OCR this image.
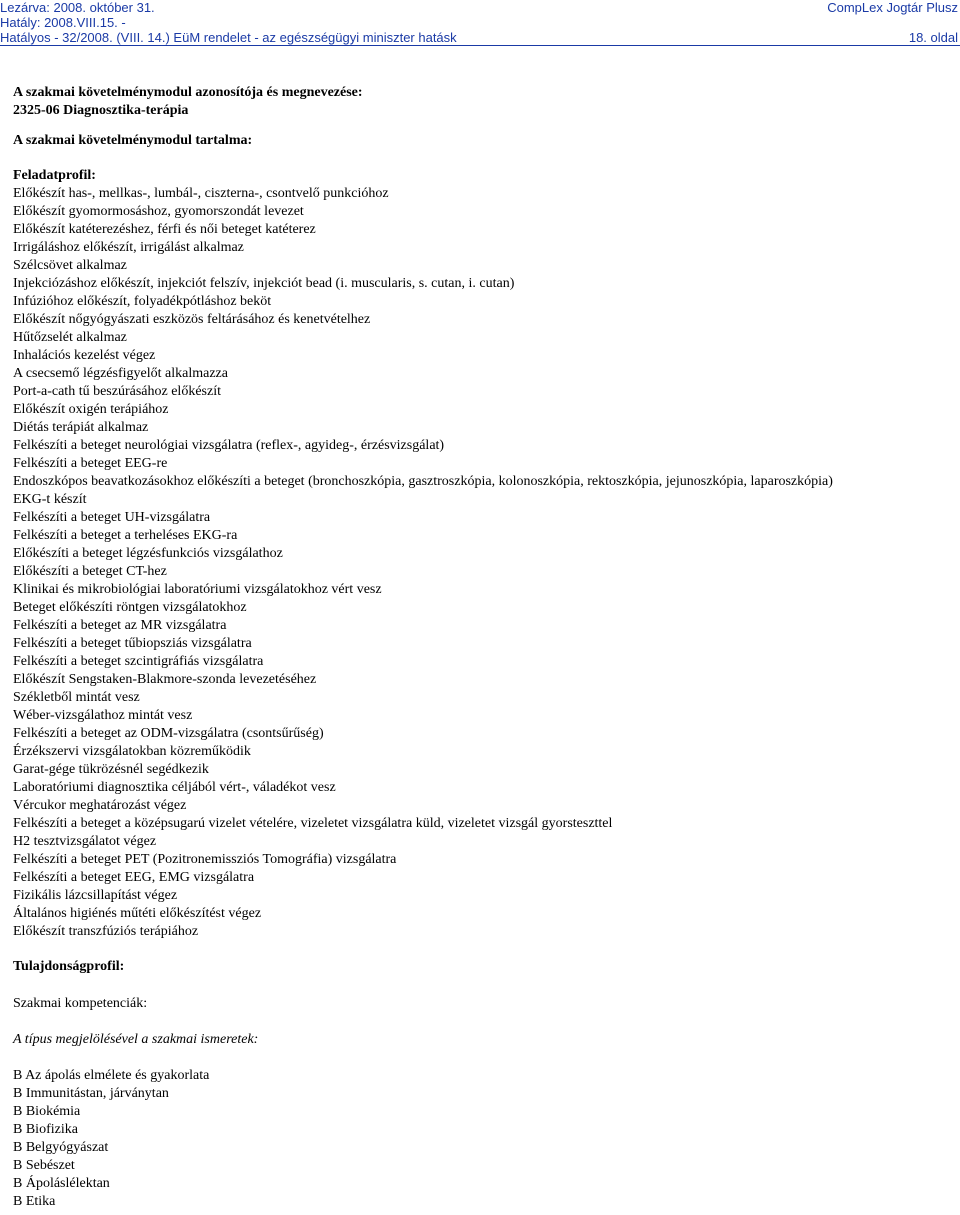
Lezárva: 2008. október 31.
Hatály: 2008.VIII.15. -
Hatályos - 32/2008. (VIII. 14.) EüM rendelet - az egészségügyi miniszter hatásk
CompLex Jogtár Plusz
18. oldal
A szakmai követelménymodul azonosítója és megnevezése:
2325-06 Diagnosztika-terápia
A szakmai követelménymodul tartalma:
Feladatprofil:
Előkészít has-, mellkas-, lumbál-, ciszterna-, csontvelő punkcióhoz
Előkészít gyomormosáshoz, gyomorszondát levezet
Előkészít katéterezéshez, férfi és női beteget katéterez
Irrigáláshoz előkészít, irrigálást alkalmaz
Szélcsövet alkalmaz
Injekciózáshoz előkészít, injekciót felszív, injekciót bead (i. muscularis, s. cutan, i. cutan)
Infúzióhoz előkészít, folyadékpótláshoz beköt
Előkészít nőgyógyászati eszközös feltárásához és kenetvételhez
Hűtőzselét alkalmaz
Inhalációs kezelést végez
A csecsemő légzésfigyelőt alkalmazza
Port-a-cath tű beszúrásához előkészít
Előkészít oxigén terápiához
Diétás terápiát alkalmaz
Felkészíti a beteget neurológiai vizsgálatra (reflex-, agyideg-, érzésvizsgálat)
Felkészíti a beteget EEG-re
Endoszkópos beavatkozásokhoz előkészíti a beteget (bronchoszkópia, gasztroszkópia, kolonoszkópia, rektoszkópia, jejunoszkópia, laparoszkópia)
EKG-t készít
Felkészíti a beteget UH-vizsgálatra
Felkészíti a beteget a terheléses EKG-ra
Előkészíti a beteget légzésfunkciós vizsgálathoz
Előkészíti a beteget CT-hez
Klinikai és mikrobiológiai laboratóriumi vizsgálatokhoz vért vesz
Beteget előkészíti röntgen vizsgálatokhoz
Felkészíti a beteget az MR vizsgálatra
Felkészíti a beteget tűbiopsziás vizsgálatra
Felkészíti a beteget szcintigráfiás vizsgálatra
Előkészít Sengstaken-Blakmore-szonda levezetéséhez
Székletből mintát vesz
Wéber-vizsgálathoz mintát vesz
Felkészíti a beteget az ODM-vizsgálatra (csontsűrűség)
Érzékszervi vizsgálatokban közreműködik
Garat-gége tükrözésnél segédkezik
Laboratóriumi diagnosztika céljából vért-, váladékot vesz
Vércukor meghatározást végez
Felkészíti a beteget a középsugarú vizelet vételére, vizeletet vizsgálatra küld, vizeletet vizsgál gyorsteszttel
H2 tesztvizsgálatot végez
Felkészíti a beteget PET (Pozitronemissziós Tomográfia) vizsgálatra
Felkészíti a beteget EEG, EMG vizsgálatra
Fizikális lázcsillapítást végez
Általános higiénés műtéti előkészítést végez
Előkészít transzfúziós terápiához
Tulajdonságprofil:
Szakmai kompetenciák:
A típus megjelölésével a szakmai ismeretek:
B Az ápolás elmélete és gyakorlata
B Immunitástan, járványtan
B Biokémia
B Biofizika
B Belgyógyászat
B Sebészet
B Ápoláslélektan
B Etika
